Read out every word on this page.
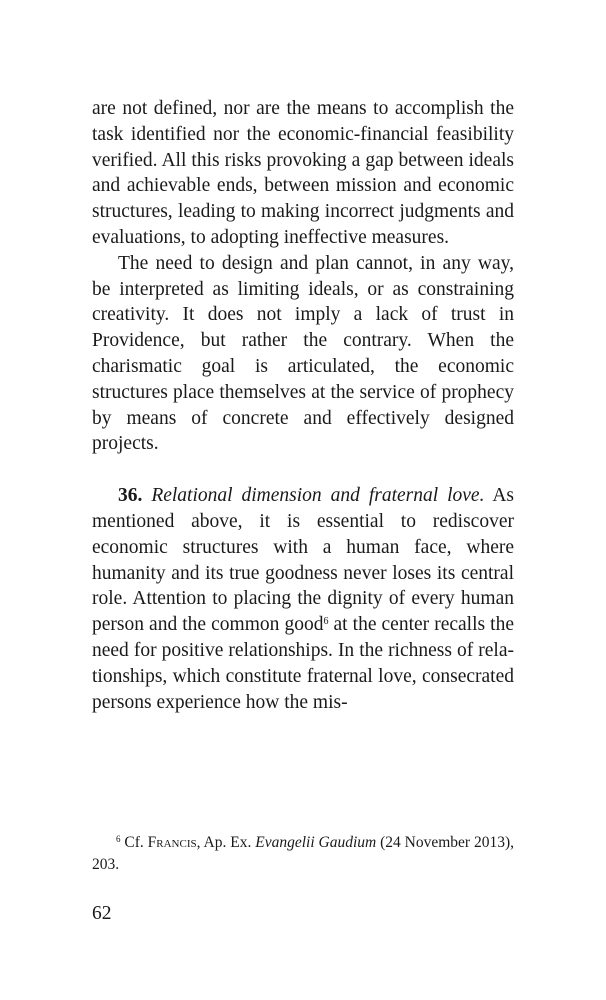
are not defined, nor are the means to accomplish the task identified nor the economic-financial feasibility verified. All this risks provoking a gap between ideals and achievable ends, between mission and economic structures, leading to making incorrect judgments and evaluations, to adopting ineffective measures.

The need to design and plan cannot, in any way, be interpreted as limiting ideals, or as constraining creativity. It does not imply a lack of trust in Providence, but rather the contrary. When the charismatic goal is articulated, the economic structures place themselves at the service of prophecy by means of concrete and effectively designed projects.

36. Relational dimension and fraternal love. As mentioned above, it is essential to rediscover economic structures with a human face, where humanity and its true goodness never loses its central role. Attention to placing the dignity of every human person and the common good$^6$ at the center recalls the need for positive relationships. In the richness of relationships, which constitute fraternal love, consecrated persons experience how the mis-

$^6$ Cf. Francis, Ap. Ex. Evangelii Gaudium (24 November 2013), 203.

62
